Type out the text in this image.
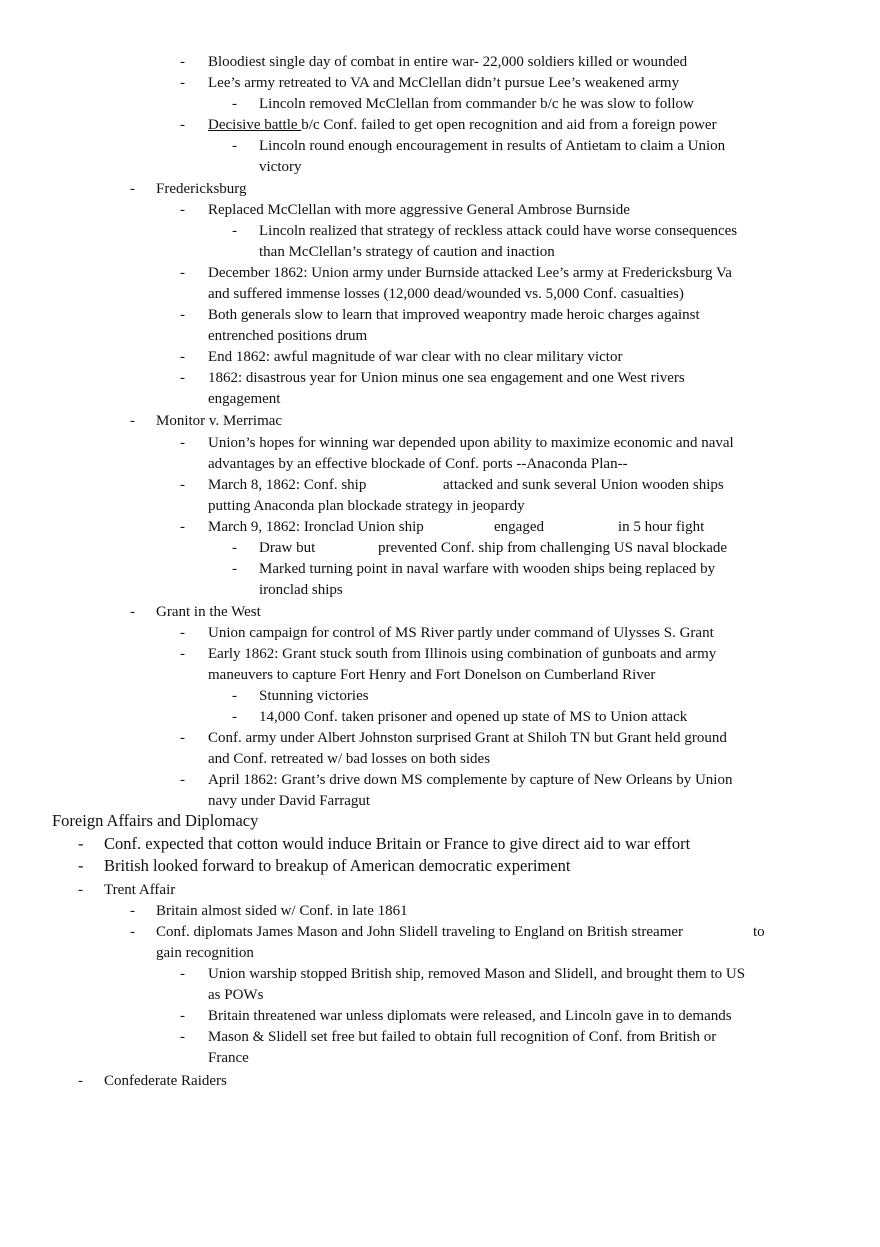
- Bloodiest single day of combat in entire war- 22,000 soldiers killed or wounded
- Lee’s army retreated to VA and McClellan didn’t pursue Lee’s weakened army
- Lincoln removed McClellan from commander b/c he was slow to follow
- Decisive battle b/c Conf. failed to get open recognition and aid from a foreign power
- Lincoln round enough encouragement in results of Antietam to claim a Union
victory
- Fredericksburg
- Replaced McClellan with more aggressive General Ambrose Burnside
- Lincoln realized that strategy of reckless attack could have worse consequences
than McClellan’s strategy of caution and inaction
- December 1862: Union army under Burnside attacked Lee’s army at Fredericksburg Va
and suffered immense losses (12,000 dead/wounded vs. 5,000 Conf. casualties)
- Both generals slow to learn that improved weapontry made heroic charges against
entrenched positions drum
- End 1862: awful magnitude of war clear with no clear military victor
- 1862: disastrous year for Union minus one sea engagement and one West rivers
engagement
- Monitor v. Merrimac
- Union’s hopes for winning war depended upon ability to maximize economic and naval
advantages by an effective blockade of Conf. ports --Anaconda Plan--
- March 8, 1862: Conf. ship	attacked and sunk several Union wooden ships
putting Anaconda plan blockade strategy in jeopardy
- March 9, 1862: Ironclad Union ship	engaged	in 5 hour fight
- Draw but	prevented Conf. ship from challenging US naval blockade
- Marked turning point in naval warfare with wooden ships being replaced by
ironclad ships
- Grant in the West
- Union campaign for control of MS River partly under command of Ulysses S. Grant
- Early 1862: Grant stuck south from Illinois using combination of gunboats and army
maneuvers to capture Fort Henry and Fort Donelson on Cumberland River
- Stunning victories
- 14,000 Conf. taken prisoner and opened up state of MS to Union attack
- Conf. army under Albert Johnston surprised Grant at Shiloh TN but Grant held ground
and Conf. retreated w/ bad losses on both sides
- April 1862: Grant’s drive down MS complemente by capture of New Orleans by Union
navy under David Farragut
Foreign Affairs and Diplomacy
- Conf. expected that cotton would induce Britain or France to give direct aid to war effort
- British looked forward to breakup of American democratic experiment
- Trent Affair
- Britain almost sided w/ Conf. in late 1861
- Conf. diplomats James Mason and John Slidell traveling to England on British streamer	to
gain recognition
- Union warship stopped British ship, removed Mason and Slidell, and brought them to US
as POWs
- Britain threatened war unless diplomats were released, and Lincoln gave in to demands
- Mason & Slidell set free but failed to obtain full recognition of Conf. from British or
France
- Confederate Raiders
